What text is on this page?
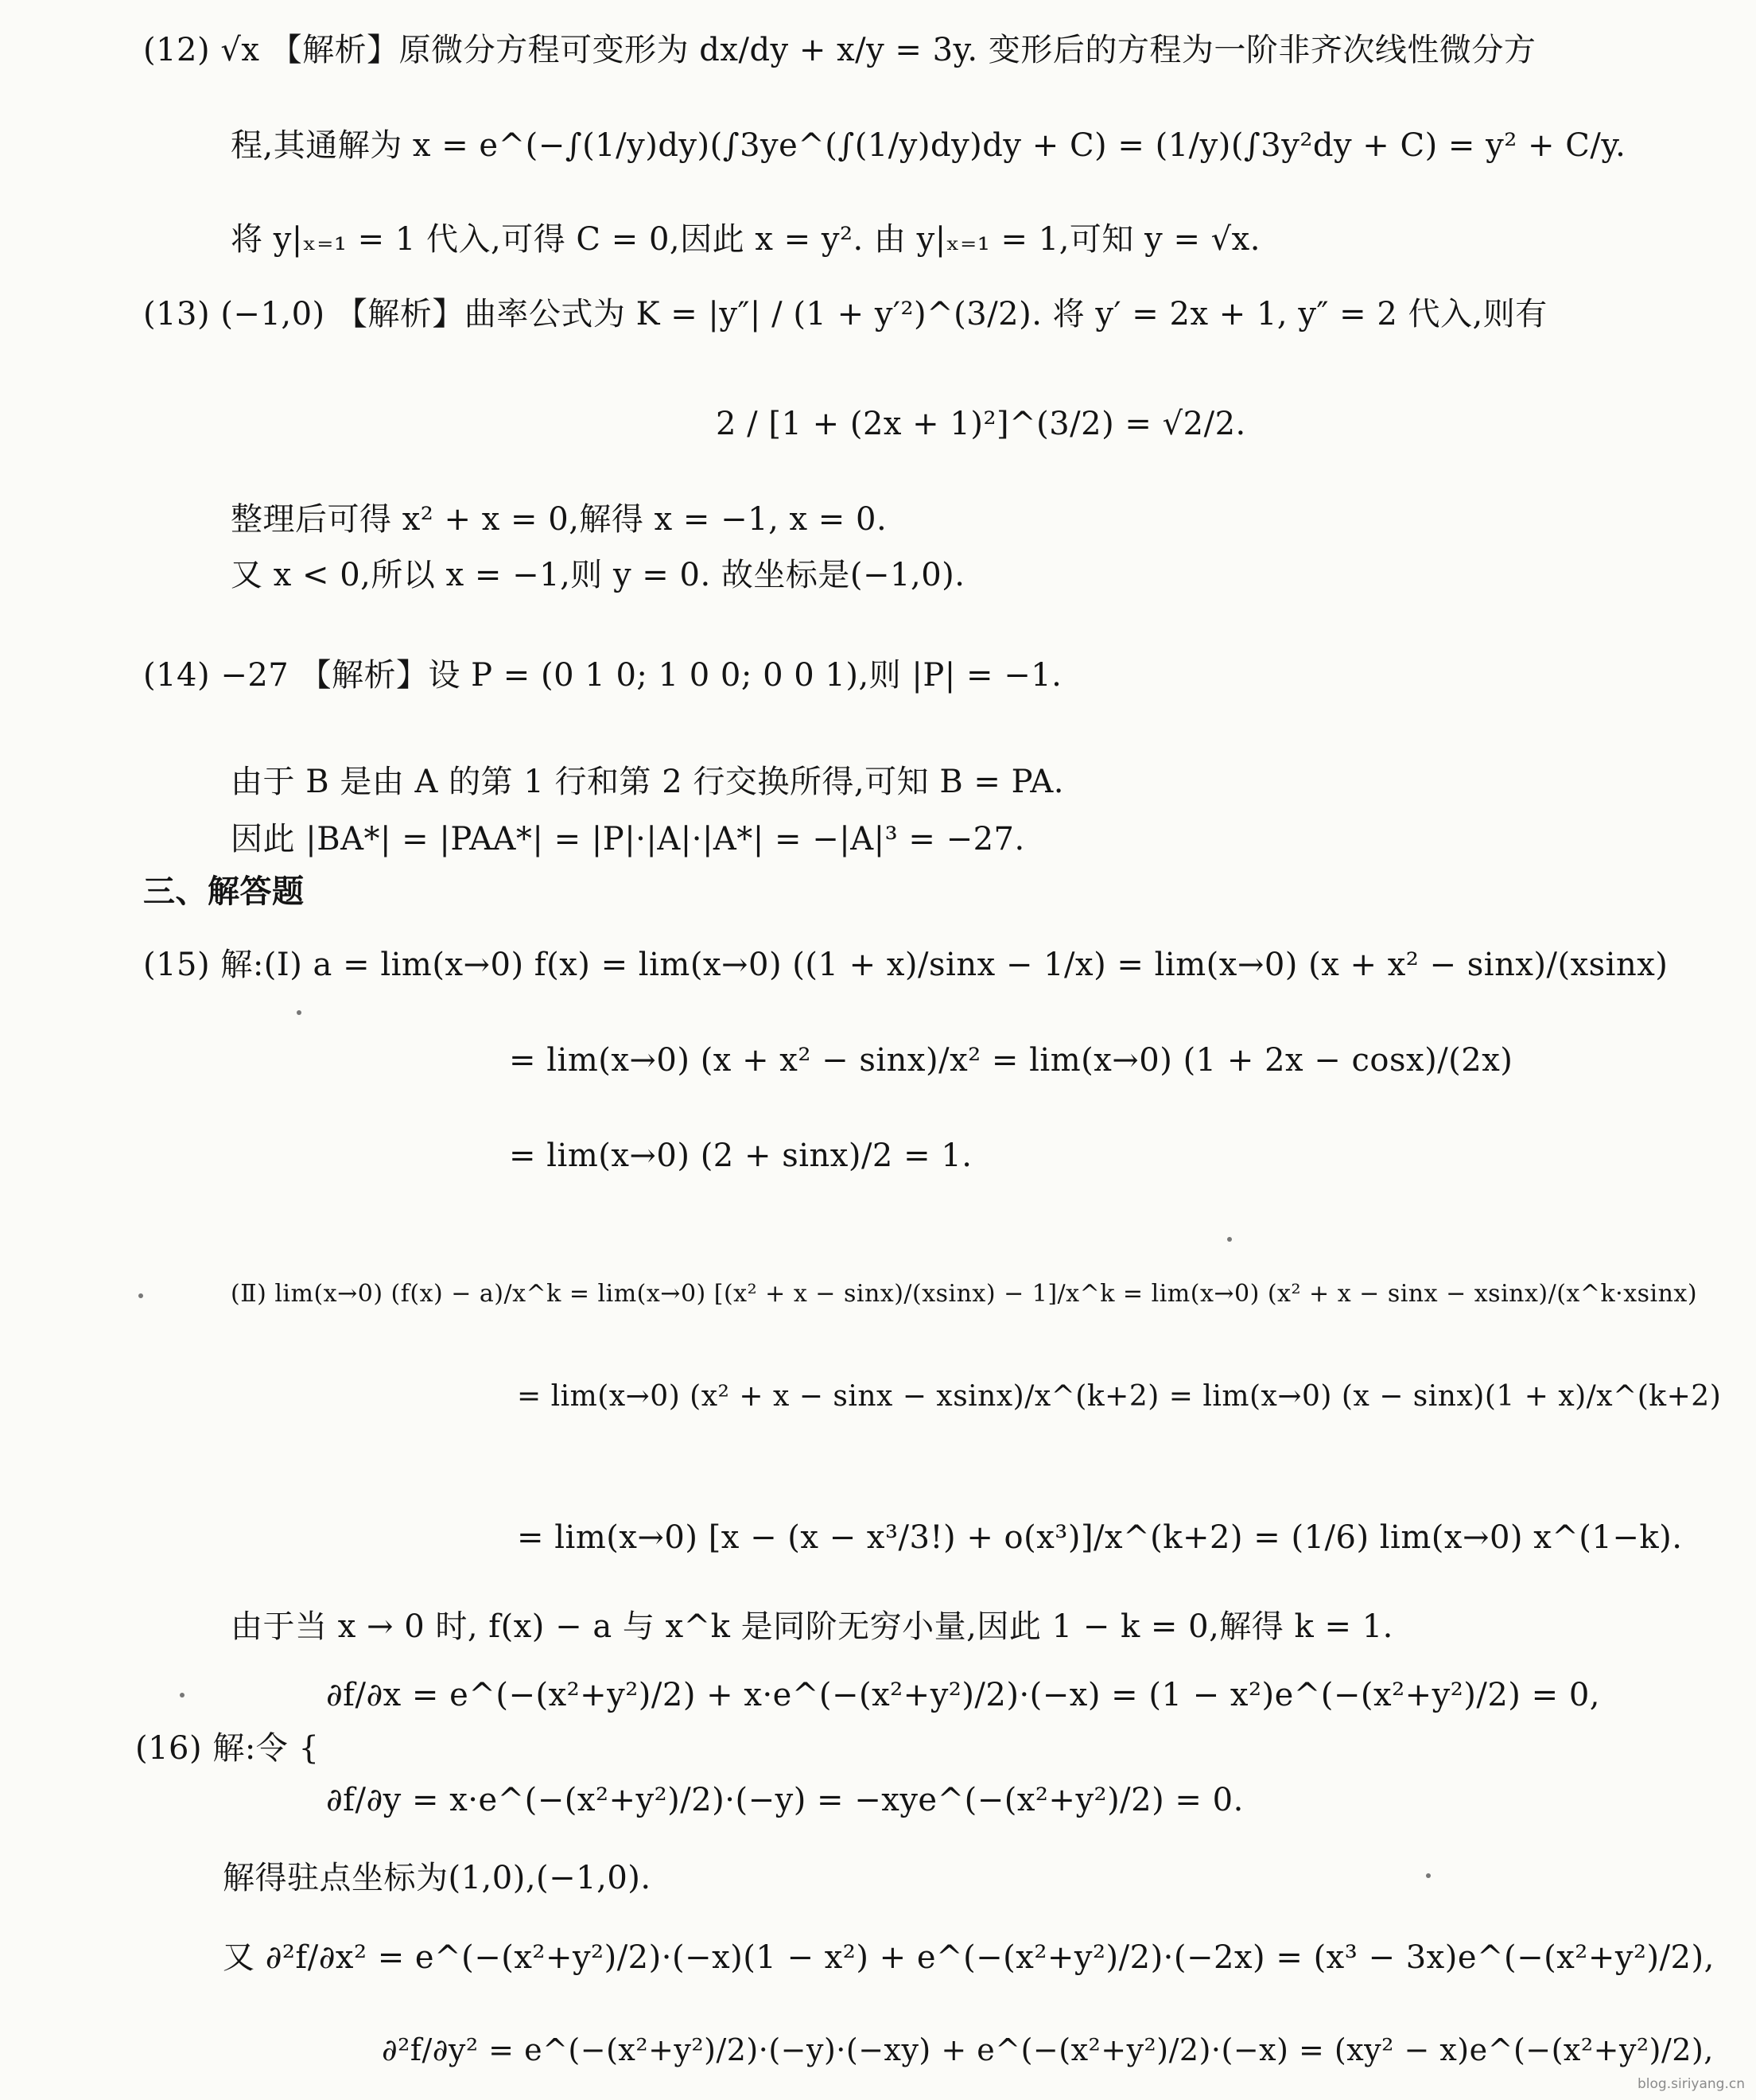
(12) √x 【解析】原微分方程可变形为 dx/dy + x/y = 3y. 变形后的方程为一阶非齐次线性微分方
程,其通解为 x = e^(−∫(1/y)dy)(∫3ye^(∫(1/y)dy)dy + C) = (1/y)(∫3y²dy + C) = y² + C/y.
将 y|ₓ₌₁ = 1 代入,可得 C = 0,因此 x = y². 由 y|ₓ₌₁ = 1,可知 y = √x.
(13) (−1,0) 【解析】曲率公式为 K = |y″| / (1 + y′²)^(3/2). 将 y′ = 2x + 1, y″ = 2 代入,则有
2 / [1 + (2x + 1)²]^(3/2) = √2/2.
整理后可得 x² + x = 0,解得 x = −1, x = 0.
又 x < 0,所以 x = −1,则 y = 0. 故坐标是(−1,0).
(14) −27 【解析】设 P = (0 1 0; 1 0 0; 0 0 1),则 |P| = −1.
由于 B 是由 A 的第 1 行和第 2 行交换所得,可知 B = PA.
因此 |BA*| = |PAA*| = |P|·|A|·|A*| = −|A|³ = −27.
三、解答题
(15) 解:(Ⅰ) a = lim(x→0) f(x) = lim(x→0) ((1 + x)/sinx − 1/x) = lim(x→0) (x + x² − sinx)/(xsinx)
= lim(x→0) (x + x² − sinx)/x² = lim(x→0) (1 + 2x − cosx)/(2x)
= lim(x→0) (2 + sinx)/2 = 1.
(Ⅱ) lim(x→0) (f(x) − a)/x^k = lim(x→0) [(x² + x − sinx)/(xsinx) − 1]/x^k = lim(x→0) (x² + x − sinx − xsinx)/(x^k·xsinx)
= lim(x→0) (x² + x − sinx − xsinx)/x^(k+2) = lim(x→0) (x − sinx)(1 + x)/x^(k+2)
= lim(x→0) [x − (x − x³/3!) + o(x³)]/x^(k+2) = (1/6) lim(x→0) x^(1−k).
由于当 x → 0 时, f(x) − a 与 x^k 是同阶无穷小量,因此 1 − k = 0,解得 k = 1.
∂f/∂x = e^(−(x²+y²)/2) + x·e^(−(x²+y²)/2)·(−x) = (1 − x²)e^(−(x²+y²)/2) = 0,
(16) 解:令 {
∂f/∂y = x·e^(−(x²+y²)/2)·(−y) = −xye^(−(x²+y²)/2) = 0.
解得驻点坐标为(1,0),(−1,0).
又 ∂²f/∂x² = e^(−(x²+y²)/2)·(−x)(1 − x²) + e^(−(x²+y²)/2)·(−2x) = (x³ − 3x)e^(−(x²+y²)/2),
∂²f/∂y² = e^(−(x²+y²)/2)·(−y)·(−xy) + e^(−(x²+y²)/2)·(−x) = (xy² − x)e^(−(x²+y²)/2),
blog.siriyang.cn
